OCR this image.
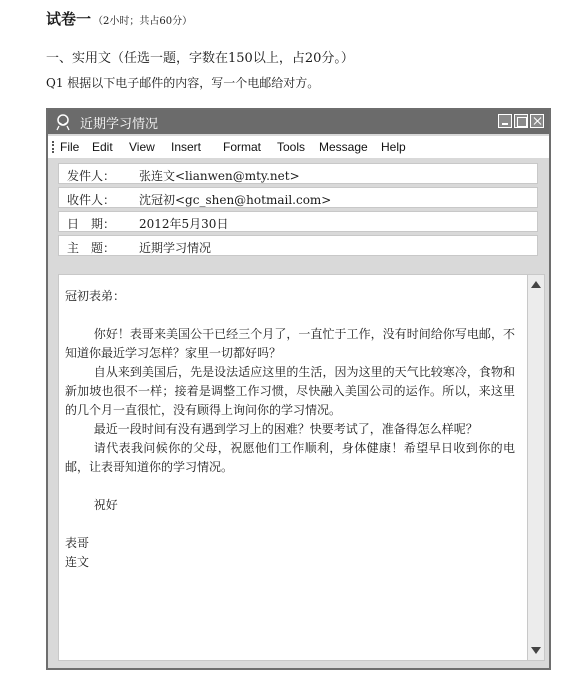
试卷一 （2小时；共占60分）
一、实用文（任选一题，字数在150以上，占20分。）
Q1 根据以下电子邮件的内容，写一个电邮给对方。
近期学习情况
File Edit View Insert Format Tools Message Help
发件人： 张连文<lianwen@mty.net>
收件人： 沈冠初<gc_shen@hotmail.com>
日　期： 2012年5月30日
主　题： 近期学习情况

冠初表弟：

你好！表哥来美国公干已经三个月了，一直忙于工作，没有时间给你写电邮，不知道你最近学习怎样？家里一切都好吗？

自从来到美国后，先是设法适应这里的生活，因为这里的天气比较寒冷，食物和新加坡也很不一样；接着是调整工作习惯，尽快融入美国公司的运作。所以，来这里的几个月一直很忙，没有顾得上询问你的学习情况。

最近一段时间有没有遇到学习上的困难？快要考试了，准备得怎么样呢？

请代表我问候你的父母，祝愿他们工作顺利，身体健康！希望早日收到你的电邮，让表哥知道你的学习情况。

祝好

表哥

连文
